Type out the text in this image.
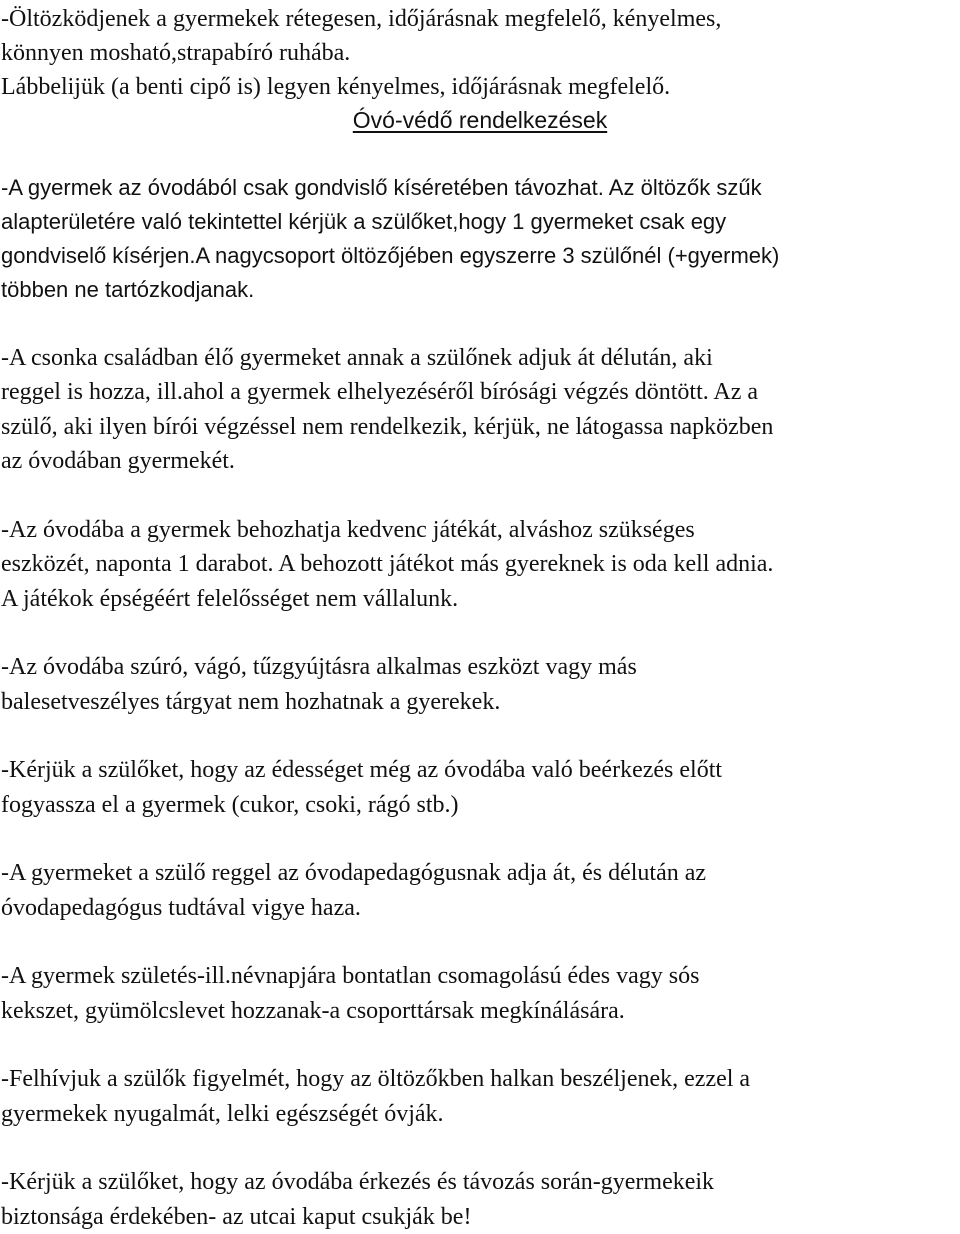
-Öltözködjenek a gyermekek rétegesen, időjárásnak megfelelő, kényelmes,
könnyen mosható,strapabíró ruhába.
Lábbelijük (a benti cipő is) legyen kényelmes, időjárásnak megfelelő.
Óvó-védő rendelkezések
-A gyermek az óvodából csak gondvislő kíséretében távozhat. Az öltözők szűk
alapterületére való tekintettel kérjük a szülőket,hogy 1 gyermeket csak egy
gondviselő kísérjen.A nagycsoport öltözőjében egyszerre 3 szülőnél (+gyermek)
többen ne tartózkodjanak.
-A csonka családban élő gyermeket annak a szülőnek adjuk át délután, aki
reggel is hozza, ill.ahol a gyermek elhelyezéséről bírósági végzés döntött. Az a
szülő, aki ilyen bírói végzéssel nem rendelkezik, kérjük, ne látogassa napközben
az óvodában gyermekét.
-Az óvodába a gyermek behozhatja kedvenc játékát, alváshoz szükséges
eszközét, naponta 1 darabot. A behozott játékot más gyereknek is oda kell adnia.
A játékok épségéért felelősséget nem vállalunk.
-Az óvodába szúró, vágó, tűzgyújtásra alkalmas eszközt vagy más
balesetveszélyes tárgyat nem hozhatnak a gyerekek.
-Kérjük a szülőket, hogy az édességet még az óvodába való beérkezés előtt
fogyassza el a gyermek (cukor, csoki, rágó stb.)
-A gyermeket a szülő reggel az óvodapedagógusnak adja át, és délután az
óvodapedagógus tudtával vigye haza.
-A gyermek születés-ill.névnapjára bontatlan csomagolású édes vagy sós
kekszet, gyümölcslevet hozzanak-a csoporttársak megkínálására.
-Felhívjuk a szülők figyelmét, hogy az öltözőkben halkan beszéljenek, ezzel a
gyermekek nyugalmát, lelki egészségét óvják.
-Kérjük a szülőket, hogy az óvodába érkezés és távozás során-gyermekeik
biztonsága érdekében- az utcai kaput csukják be!
